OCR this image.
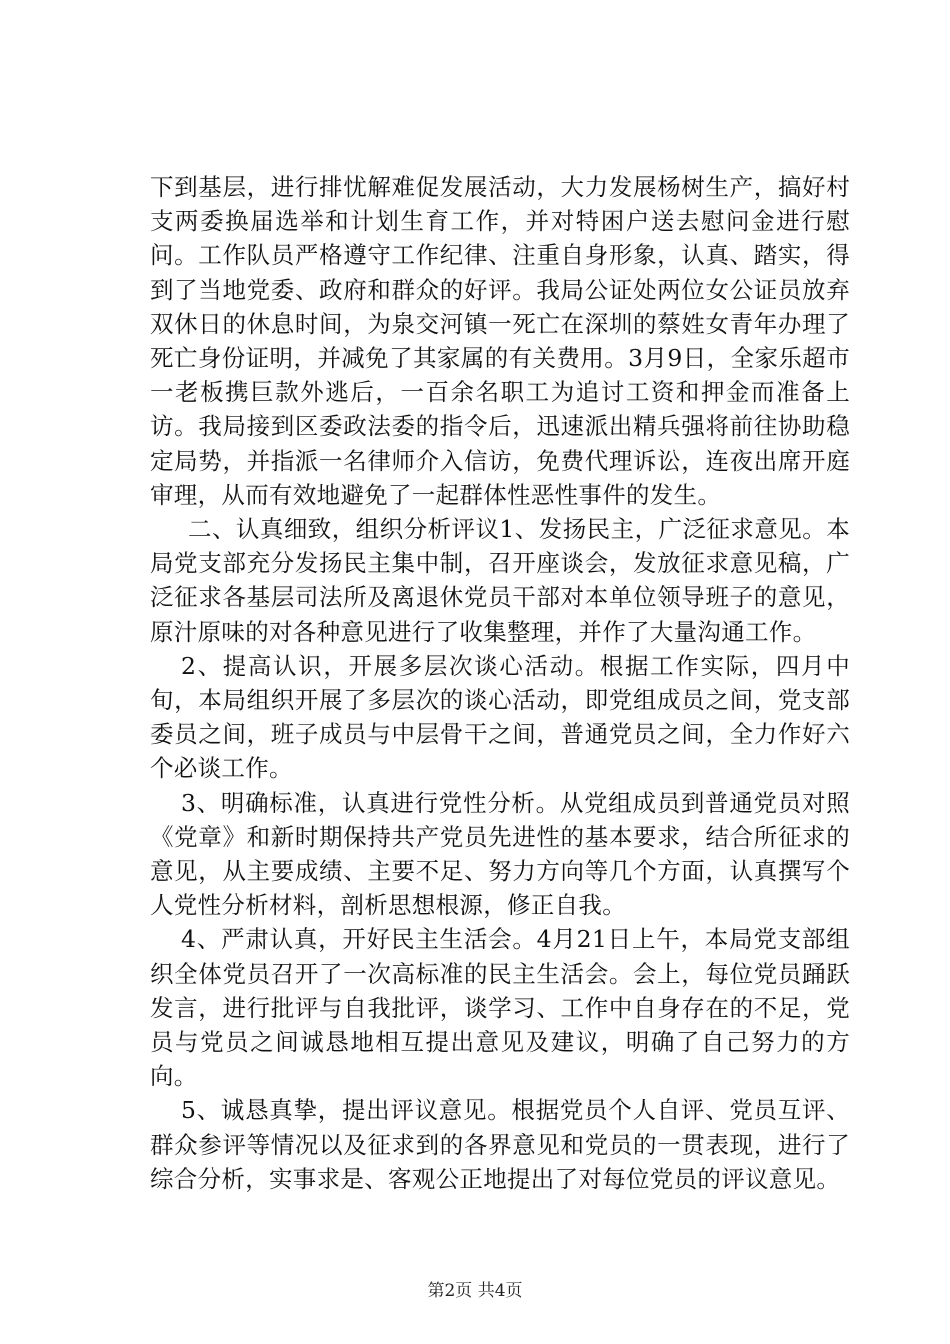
下到基层，进行排忧解难促发展活动，大力发展杨树生产，搞好村支两委换届选举和计划生育工作，并对特困户送去慰问金进行慰问。工作队员严格遵守工作纪律、注重自身形象，认真、踏实，得到了当地党委、政府和群众的好评。我局公证处两位女公证员放弃双休日的休息时间，为泉交河镇一死亡在深圳的蔡姓女青年办理了死亡身份证明，并减免了其家属的有关费用。3月9日，全家乐超市一老板携巨款外逃后，一百余名职工为追讨工资和押金而准备上访。我局接到区委政法委的指令后，迅速派出精兵强将前往协助稳定局势，并指派一名律师介入信访，免费代理诉讼，连夜出席开庭审理，从而有效地避免了一起群体性恶性事件的发生。

二、认真细致，组织分析评议1、发扬民主，广泛征求意见。本局党支部充分发扬民主集中制，召开座谈会，发放征求意见稿，广泛征求各基层司法所及离退休党员干部对本单位领导班子的意见，原汁原味的对各种意见进行了收集整理，并作了大量沟通工作。

2、提高认识，开展多层次谈心活动。根据工作实际，四月中旬，本局组织开展了多层次的谈心活动，即党组成员之间，党支部委员之间，班子成员与中层骨干之间，普通党员之间，全力作好六个必谈工作。

3、明确标准，认真进行党性分析。从党组成员到普通党员对照《党章》和新时期保持共产党员先进性的基本要求，结合所征求的意见，从主要成绩、主要不足、努力方向等几个方面，认真撰写个人党性分析材料，剖析思想根源，修正自我。

4、严肃认真，开好民主生活会。4月21日上午，本局党支部组织全体党员召开了一次高标准的民主生活会。会上，每位党员踊跃发言，进行批评与自我批评，谈学习、工作中自身存在的不足，党员与党员之间诚恳地相互提出意见及建议，明确了自己努力的方向。

5、诚恳真挚，提出评议意见。根据党员个人自评、党员互评、群众参评等情况以及征求到的各界意见和党员的一贯表现，进行了综合分析，实事求是、客观公正地提出了对每位党员的评议意见。

第2页 共4页
